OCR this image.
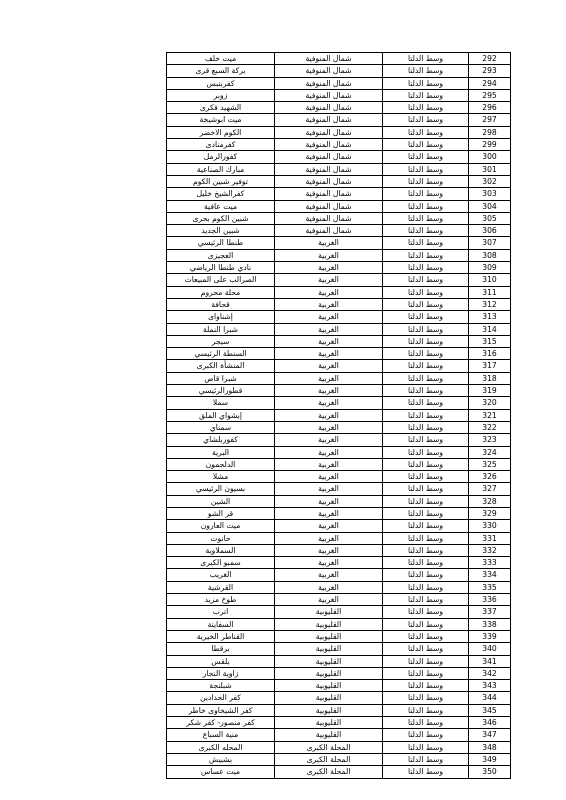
ميت خلف	شمال المنوفية	وسط الدلتا	292
بركة السبع قرى	شمال المنوفية	وسط الدلتا	293
كفربتبس	شمال المنوفية	وسط الدلتا	294
زوبر	شمال المنوفية	وسط الدلتا	295
الشهيد فكرى	شمال المنوفية	وسط الدلتا	296
ميت ابوشيخة	شمال المنوفية	وسط الدلتا	297
الكوم الاخضر	شمال المنوفية	وسط الدلتا	298
كفرمنادى	شمال المنوفية	وسط الدلتا	299
كفورالرمل	شمال المنوفية	وسط الدلتا	300
مبارك الصناعية	شمال المنوفية	وسط الدلتا	301
توفير شبين الكوم	شمال المنوفية	وسط الدلتا	302
كفرالشيخ خليل	شمال المنوفية	وسط الدلتا	303
ميت عافية	شمال المنوفية	وسط الدلتا	304
شبين الكوم بحرى	شمال المنوفية	وسط الدلتا	305
شبين الجديد	شمال المنوفية	وسط الدلتا	306
طنطا الرئيسي	الغربية	وسط الدلتا	307
العجيزى	الغربية	وسط الدلتا	308
نادي طنطا الرياضي	الغربية	وسط الدلتا	309
الصرالب على المبيعات	الغربية	وسط الدلتا	310
محلة محروم	الغربية	وسط الدلتا	311
قحافة	الغربية	وسط الدلتا	312
إشناواى	الغربية	وسط الدلتا	313
شبرا النملة	الغربية	وسط الدلتا	314
سيجر	الغربية	وسط الدلتا	315
السنطة الرئيسي	الغربية	وسط الدلتا	316
المنشأة الكبرى	الغربية	وسط الدلتا	317
شبرا قاص	الغربية	وسط الدلتا	318
قطورالرئيسي	الغربية	وسط الدلتا	319
سملا	الغربية	وسط الدلتا	320
إبشواي الملق	الغربية	وسط الدلتا	321
سمناي	الغربية	وسط الدلتا	322
كفوربلشاي	الغربية	وسط الدلتا	323
البرية	الغربية	وسط الدلتا	324
الدلجمون	الغربية	وسط الدلتا	325
مشلا	الغربية	وسط الدلتا	326
بسيون الرئيسي	الغربية	وسط الدلتا	327
الشين	الغربية	وسط الدلتا	328
قر الشو	الغربية	وسط الدلتا	329
ميت العارون	الغربية	وسط الدلتا	330
حانوت	الغربية	وسط الدلتا	331
السملاوية	الغربية	وسط الدلتا	332
سمبو الكبرى	الغربية	وسط الدلتا	333
الغريب	الغربية	وسط الدلتا	334
القرشية	الغربية	وسط الدلتا	335
طوخ مزيد	الغربية	وسط الدلتا	336
اترب	القليوبية	وسط الدلتا	337
السفاينة	القليوبية	وسط الدلتا	338
القناطر الخيرية	القليوبية	وسط الدلتا	339
برقطا	القليوبية	وسط الدلتا	340
بلقس	القليوبية	وسط الدلتا	341
زاوية النجار	القليوبية	وسط الدلتا	342
شبلنجة	القليوبية	وسط الدلتا	343
كفر الحدادين	القليوبية	وسط الدلتا	344
كفر الشيخاوى خاطر	القليوبية	وسط الدلتا	345
كفر منصور- كفر شكر	القليوبية	وسط الدلتا	346
منية السباع	القليوبية	وسط الدلتا	347
المحله الكبرى	المحلة الكبرى	وسط الدلتا	348
بشبيش	المحلة الكبرى	وسط الدلتا	349
ميت عساس	المحلة الكبرى	وسط الدلتا	350
